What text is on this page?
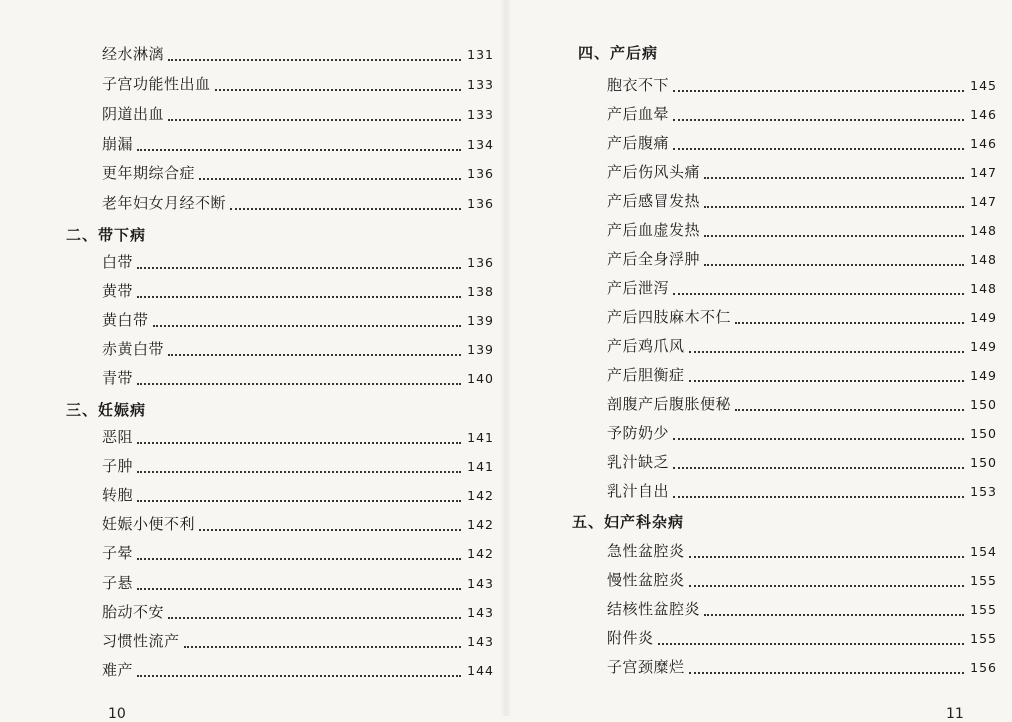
经水淋漓	131
子宫功能性出血	133
阴道出血	133
崩漏	134
更年期综合症	136
老年妇女月经不断	136
二、带下病
白带	136
黄带	138
黄白带	139
赤黄白带	139
青带	140
三、妊娠病
恶阻	141
子肿	141
转胞	142
妊娠小便不利	142
子晕	142
子悬	143
胎动不安	143
习惯性流产	143
难产	144
10
四、产后病
胞衣不下	145
产后血晕	146
产后腹痛	146
产后伤风头痛	147
产后感冒发热	147
产后血虚发热	148
产后全身浮肿	148
产后泄泻	148
产后四肢麻木不仁	149
产后鸡爪风	149
产后胆衡症	149
剖腹产后腹胀便秘	150
予防奶少	150
乳汁缺乏	150
乳汁自出	153
五、妇产科杂病
急性盆腔炎	154
慢性盆腔炎	155
结核性盆腔炎	155
附件炎	155
子宫颈糜烂	156
11
